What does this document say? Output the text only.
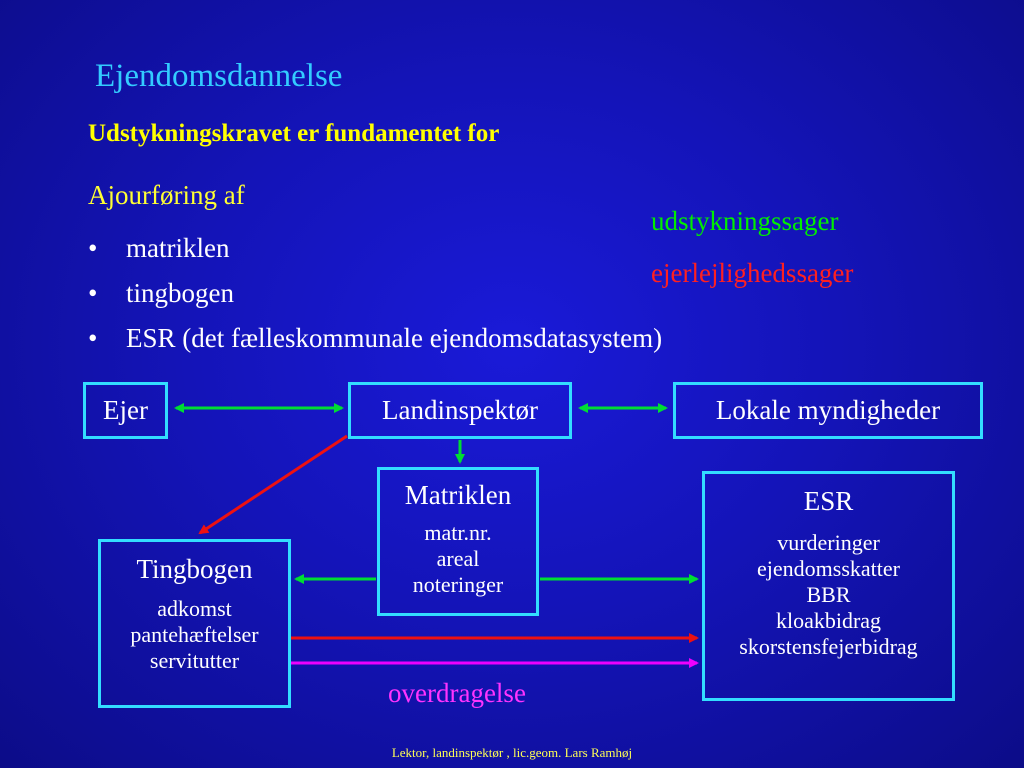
Ejendomsdannelse
Udstykningskravet er fundamentet for
Ajourføring af
• matriklen
• tingbogen
• ESR (det fælleskommunale ejendomsdatasystem)
udstykningssager
ejerlejlighedssager
Ejer	Landinspektør	Lokale myndigheder
Matriklen
matr.nr.
areal
noteringer
Tingbogen
adkomst
pantehæftelser
servitutter
ESR
vurderinger
ejendomsskatter
BBR
kloakbidrag
skorstensfejerbidrag
overdragelse
Lektor, landinspektør , lic.geom. Lars Ramhøj
